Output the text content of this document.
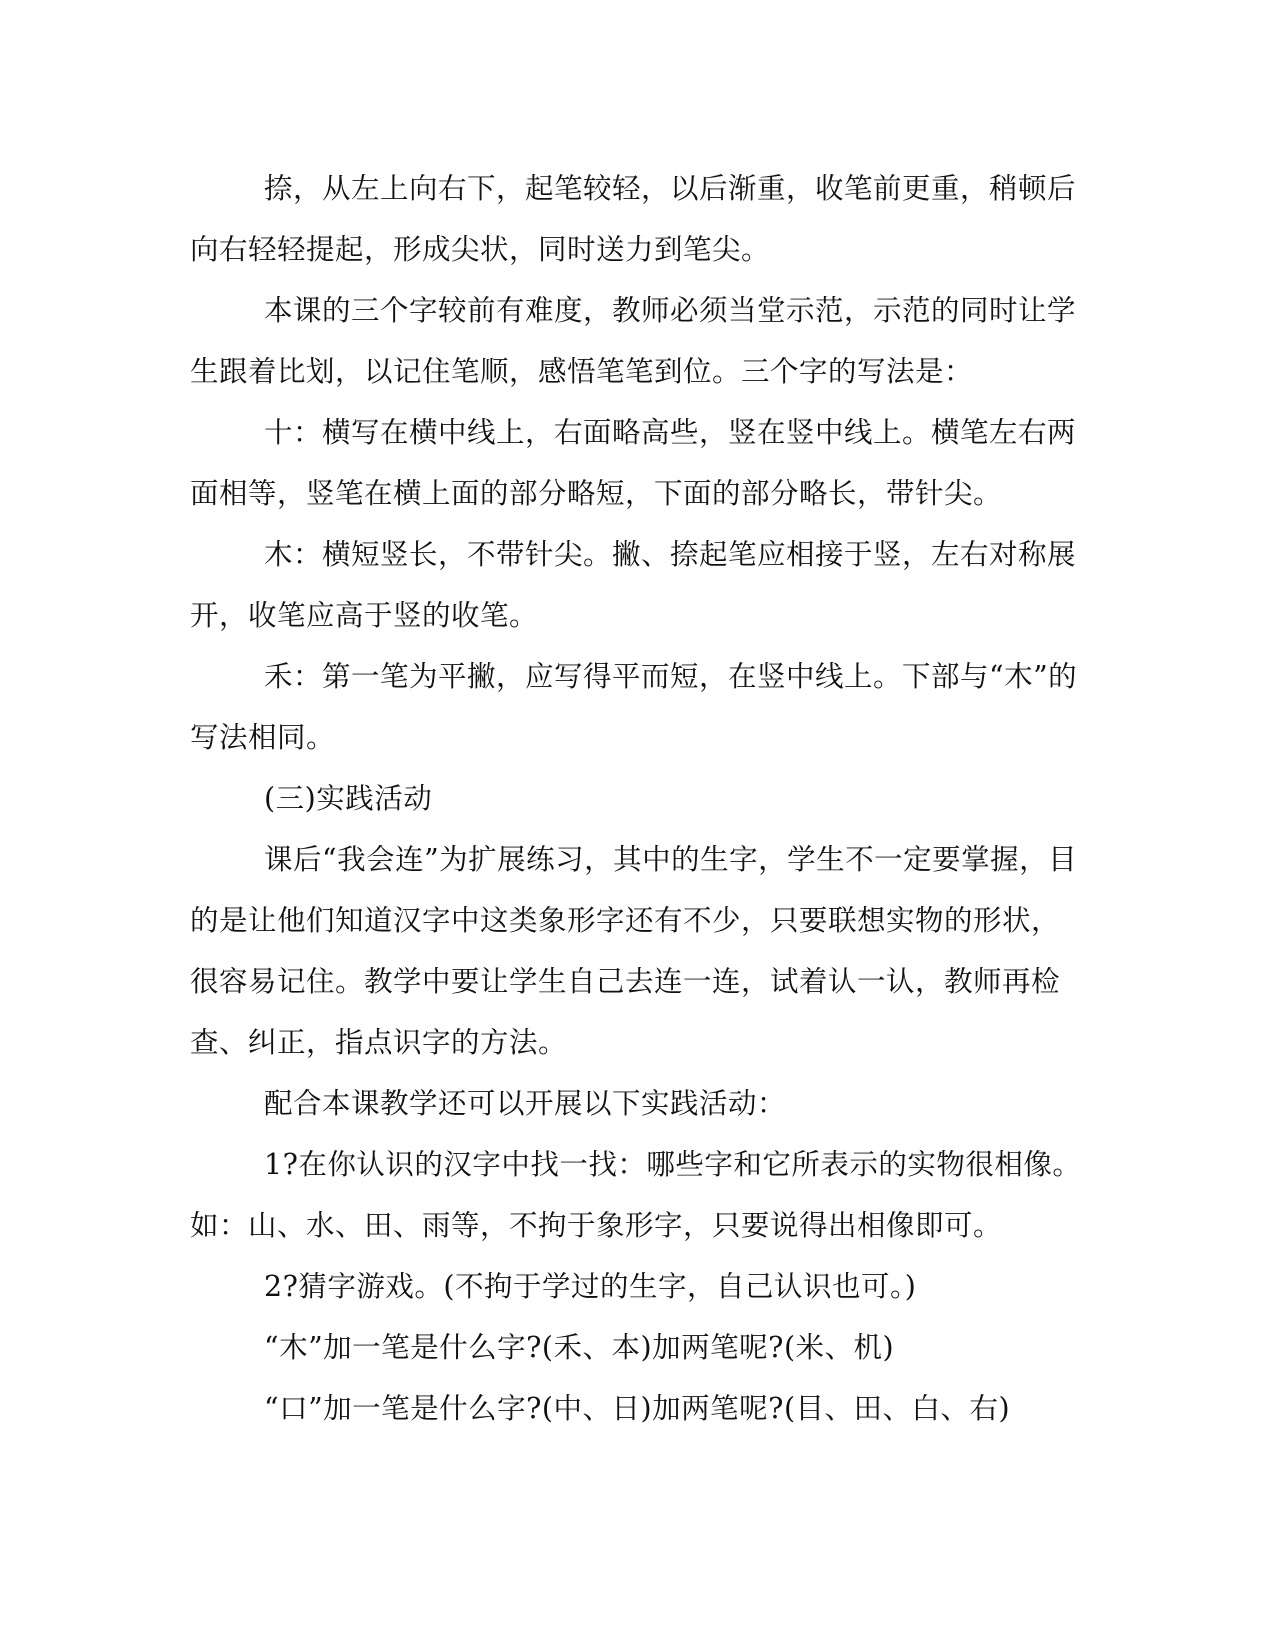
捺，从左上向右下，起笔较轻，以后渐重，收笔前更重，稍顿后
向右轻轻提起，形成尖状，同时送力到笔尖。
本课的三个字较前有难度，教师必须当堂示范，示范的同时让学
生跟着比划，以记住笔顺，感悟笔笔到位。三个字的写法是：
十：横写在横中线上，右面略高些，竖在竖中线上。横笔左右两
面相等，竖笔在横上面的部分略短，下面的部分略长，带针尖。
木：横短竖长，不带针尖。撇、捺起笔应相接于竖，左右对称展
开，收笔应高于竖的收笔。
禾：第一笔为平撇，应写得平而短，在竖中线上。下部与“木”的
写法相同。
(三)实践活动
课后“我会连”为扩展练习，其中的生字，学生不一定要掌握，目
的是让他们知道汉字中这类象形字还有不少，只要联想实物的形状，
很容易记住。教学中要让学生自己去连一连，试着认一认，教师再检
查、纠正，指点识字的方法。
配合本课教学还可以开展以下实践活动：
1?在你认识的汉字中找一找：哪些字和它所表示的实物很相像。
如：山、水、田、雨等，不拘于象形字，只要说得出相像即可。
2?猜字游戏。(不拘于学过的生字，自己认识也可。)
“木”加一笔是什么字?(禾、本)加两笔呢?(米、机)
“口”加一笔是什么字?(中、日)加两笔呢?(目、田、白、右)
